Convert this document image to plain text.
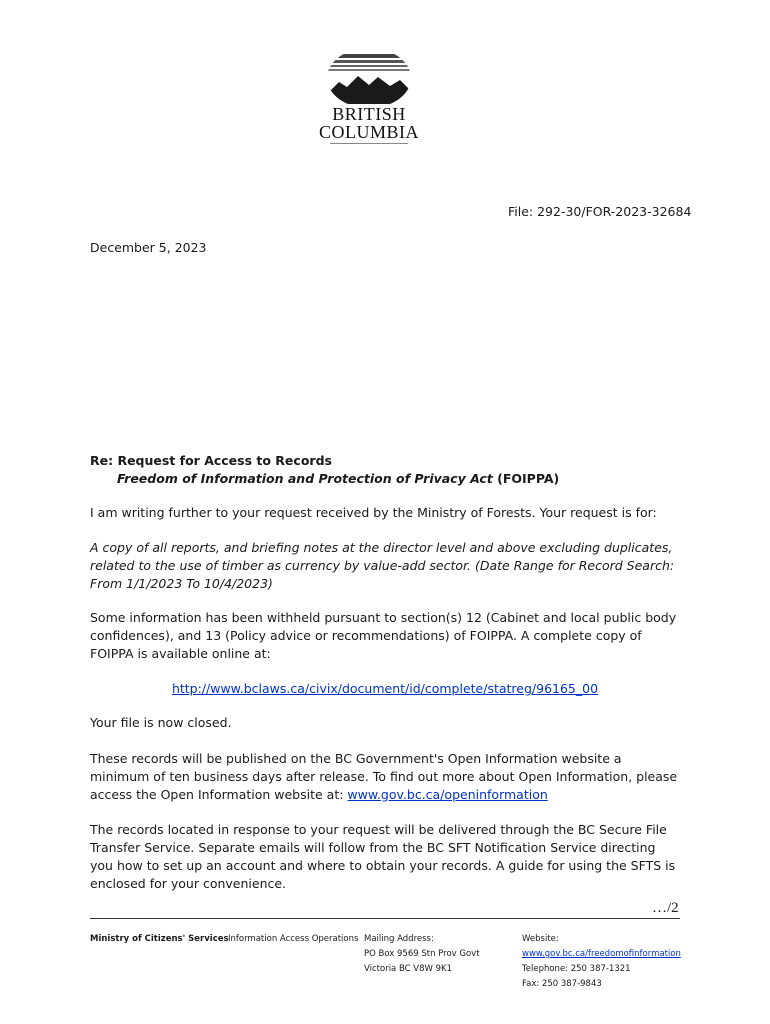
BRITISH
COLUMBIA
File: 292-30/FOR-2023-32684
December 5, 2023
Re: Request for Access to Records
Freedom of Information and Protection of Privacy Act (FOIPPA)
I am writing further to your request received by the Ministry of Forests. Your request is for:
A copy of all reports, and briefing notes at the director level and above excluding duplicates, related to the use of timber as currency by value-add sector. (Date Range for Record Search: From 1/1/2023 To 10/4/2023)
Some information has been withheld pursuant to section(s) 12 (Cabinet and local public body confidences), and 13 (Policy advice or recommendations) of FOIPPA. A complete copy of FOIPPA is available online at:
http://www.bclaws.ca/civix/document/id/complete/statreg/96165_00
Your file is now closed.
These records will be published on the BC Government's Open Information website a minimum of ten business days after release. To find out more about Open Information, please access the Open Information website at: www.gov.bc.ca/openinformation
The records located in response to your request will be delivered through the BC Secure File Transfer Service. Separate emails will follow from the BC SFT Notification Service directing you how to set up an account and where to obtain your records. A guide for using the SFTS is enclosed for your convenience.
…/2
Ministry of Citizens' Services Information Access Operations Mailing Address:
PO Box 9569 Stn Prov Govt
Victoria BC V8W 9K1
Website:
www.gov.bc.ca/freedomofinformation
Telephone: 250 387-1321
Fax: 250 387-9843
